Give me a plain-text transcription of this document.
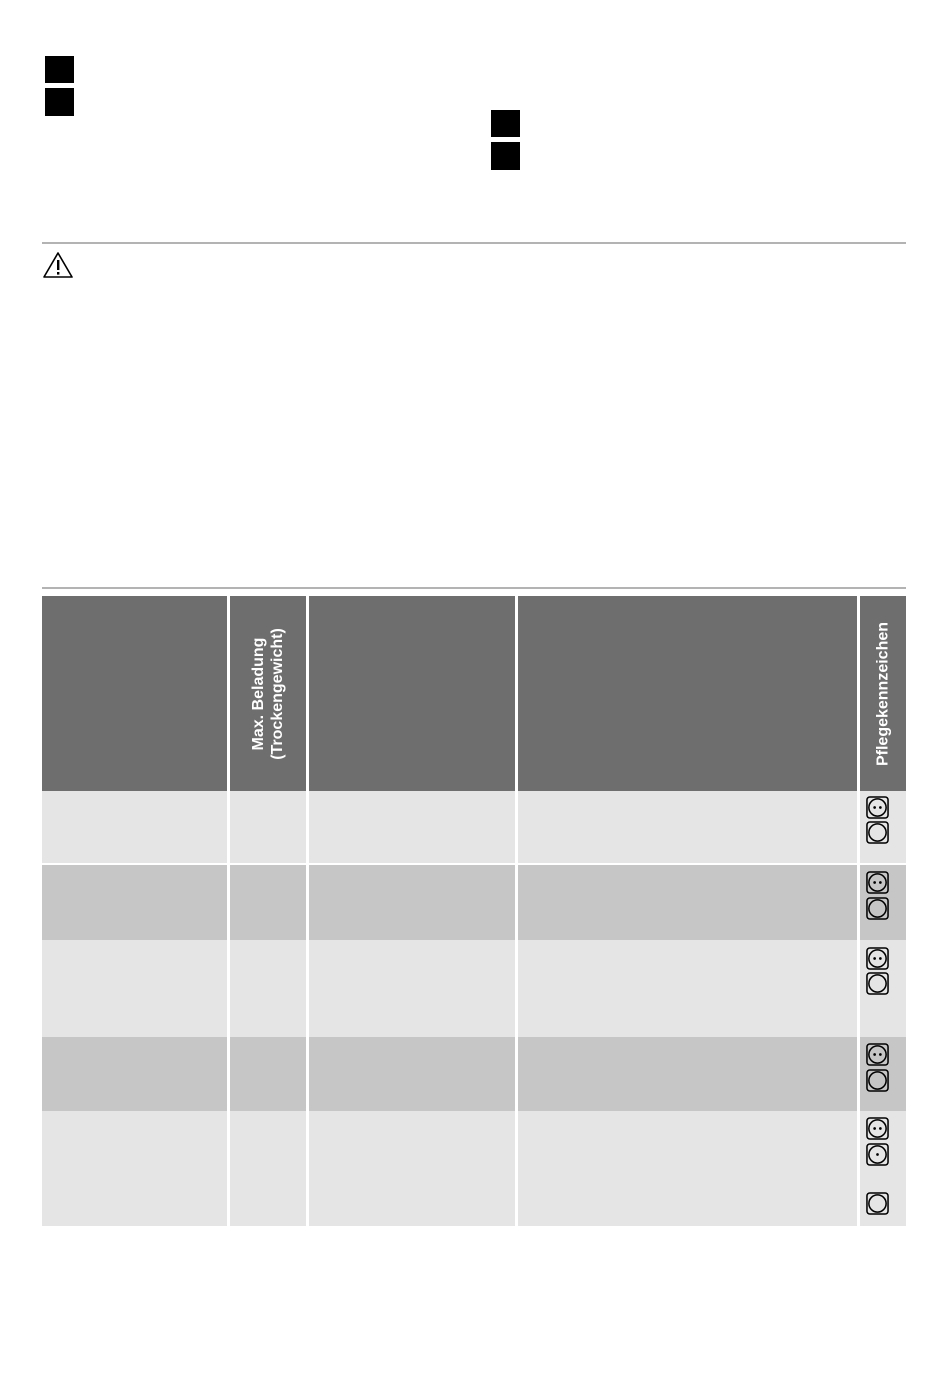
Max. Beladung (Trockengewicht)	Pflegekennzeichen
